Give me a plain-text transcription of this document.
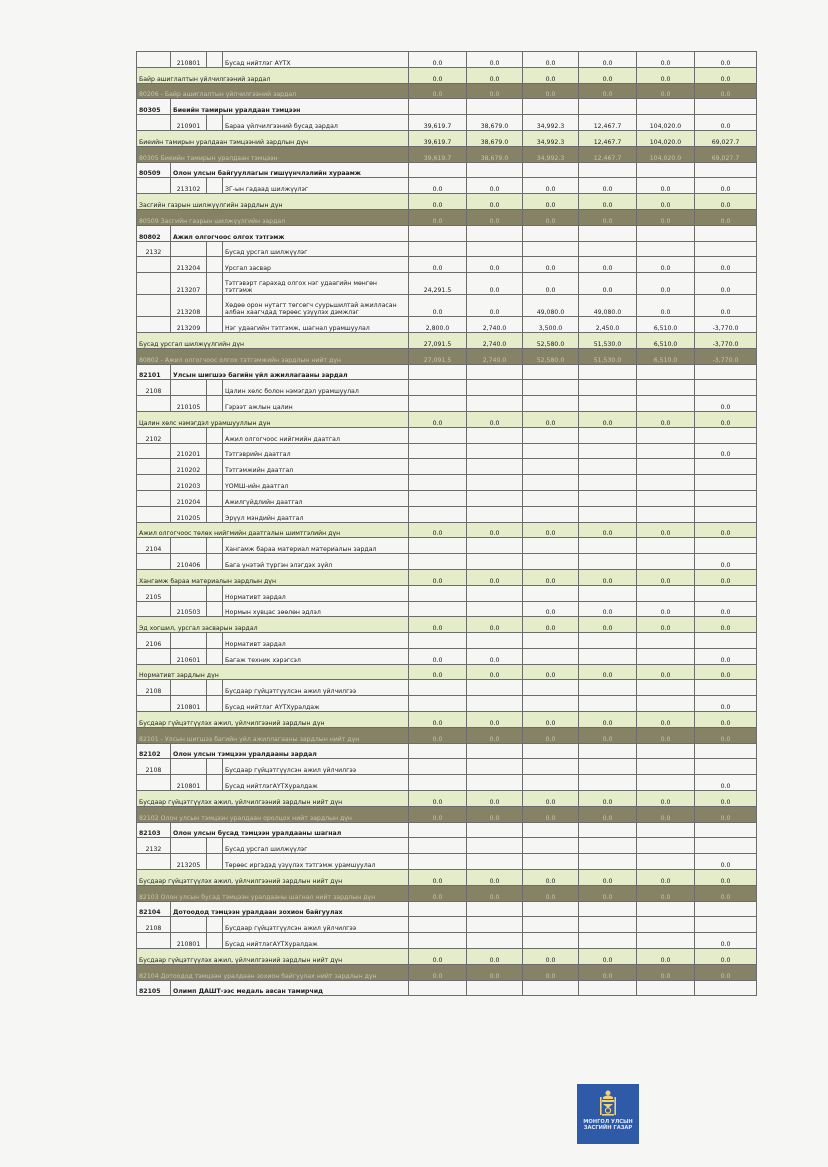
	210801		Бусад нийтлэг АҮТХ	0.0	0.0	0.0	0.0	0.0	0.0
Байр ашиглалтын үйлчилгээний зардал				0.0	0.0	0.0	0.0	0.0	0.0
80206 - Байр ашиглалтын үйлчилгээний зардал				0.0	0.0	0.0	0.0	0.0	0.0
80305	Биеийн тамирын уралдаан тэмцээн								
	210901		Бараа үйлчилгээний бусад зардал	39,619.7	38,679.0	34,992.3	12,467.7	104,020.0	0.0
Биеийн тамирын уралдаан тэмцээний зардлын дүн				39,619.7	38,679.0	34,992.3	12,467.7	104,020.0	69,027.7
80305 Биеийн тамирын уралдаан тэмцээн				39,619.7	38,679.0	34,992.3	12,467.7	104,020.0	69,027.7
80509	Олон улсын байгууллагын гишүүнчлэлийн хураамж								
	213102		ЗГ-ын гадаад шилжүүлэг	0.0	0.0	0.0	0.0	0.0	0.0
Засгийн газрын шилжүүлгийн зардлын дүн				0.0	0.0	0.0	0.0	0.0	0.0
80509 Засгийн газрын шилжүүлгийн зардал				0.0	0.0	0.0	0.0	0.0	0.0
80802	Ажил олгогчоос олгох тэтгэмж								
2132			Бусад урсгал шилжүүлэг						
	213204		Урсгал засвар	0.0	0.0	0.0	0.0	0.0	0.0
	213207		Тэтгэвэрт гарахад олгох нэг удаагийн мөнгөн тэтгэмж	24,291.5	0.0	0.0	0.0	0.0	0.0
	213208		Хөдөө орон нутагт төгсөгч суурьшилтай ажилласан албан хаагчдад төрөөс үзүүлэх дэмжлэг	0.0	0.0	49,080.0	49,080.0	0.0	0.0
	213209		Нэг удаагийн тэтгэмж, шагнал урамшуулал	2,800.0	2,740.0	3,500.0	2,450.0	6,510.0	-3,770.0
Бусад урсгал шилжүүлгийн дүн				27,091.5	2,740.0	52,580.0	51,530.0	6,510.0	-3,770.0
80802 - Ажил олгогчоос олгох тэтгэмжийн зардлын нийт дүн				27,091.5	2,740.0	52,580.0	51,530.0	6,510.0	-3,770.0
82101	Улсын шигшээ багийн үйл ажиллагааны зардал								
2108			Цалин хөлс болон нэмэгдэл урамшуулал						
	210105		Гэрээт ажлын цалин						0.0
Цалин хөлс нэмэгдэл урамшууллын дүн				0.0	0.0	0.0	0.0	0.0	0.0
2102			Ажил олгогчоос нийгмийн даатгал						
	210201		Тэтгэврийн даатгал						0.0
	210202		Тэтгэмжийн даатгал						
	210203		ҮОМШ-ийн даатгал						
	210204		Ажилгүйдлийн даатгал						
	210205		Эрүүл мэндийн даатгал						
Ажил олгогчоос төлөх нийгмийн даатгалын шимтгэлийн дүн				0.0	0.0	0.0	0.0	0.0	0.0
2104			Хангамж бараа материал материалын зардал						
	210406		Бага үнэтэй түргэн элэгдэх зүйл						0.0
Хангамж бараа материалын зардлын дүн				0.0	0.0	0.0	0.0	0.0	0.0
2105			Нормативт зардал						
	210503		Нормын хувцас зөөлөн эдлэл			0.0	0.0	0.0	0.0
Эд хогшил, урсгал засварын зардал				0.0	0.0	0.0	0.0	0.0	0.0
2106			Нормативт зардал						
	210601		Багаж техник хэрэгсэл	0.0	0.0				0.0
Нормативт зардлын дүн				0.0	0.0	0.0	0.0	0.0	0.0
2108			Бусдаар гүйцэтгүүлсэн ажил үйлчилгээ						
	210801		Бусад нийтлэг АҮТХуралдаж						0.0
Бусдаар гүйцэтгүүлэх ажил, үйлчилгээний зардлын дүн				0.0	0.0	0.0	0.0	0.0	0.0
82101 - Улсын шигшээ багийн үйл ажиллагааны зардлын нийт дүн				0.0	0.0	0.0	0.0	0.0	0.0
82102	Олон улсын тэмцээн уралдааны зардал								
2108			Бусдаар гүйцэтгүүлсэн ажил үйлчилгээ						
	210801		Бусад нийтлэгАҮТХуралдаж						0.0
Бусдаар гүйцэтгүүлэх ажил, үйлчилгээний зардлын нийт дүн				0.0	0.0	0.0	0.0	0.0	0.0
82102 Олон улсын тэмцээн уралдаан оролцох нийт зардлын дүн				0.0	0.0	0.0	0.0	0.0	0.0
82103	Олон улсын бусад тэмцээн уралдааны шагнал								
2132			Бусад урсгал шилжүүлэг						
	213205		Төрөөс иргэдэд үзүүлэх тэтгэмж урамшуулал						0.0
Бусдаар гүйцэтгүүлэх ажил, үйлчилгээний зардлын нийт дүн				0.0	0.0	0.0	0.0	0.0	0.0
82103 Олон улсын бусад тэмцээн уралдааны шагнал нийт зардлын дүн				0.0	0.0	0.0	0.0	0.0	0.0
82104	Дотоодод тэмцээн уралдаан зохион байгуулах								
2108			Бусдаар гүйцэтгүүлсэн ажил үйлчилгээ						
	210801		Бусад нийтлэгАҮТХуралдаж						0.0
Бусдаар гүйцэтгүүлэх ажил, үйлчилгээний зардлын нийт дүн				0.0	0.0	0.0	0.0	0.0	0.0
82104 Дотоодод тэмцээн уралдаан зохион байгуулах нийт зардлын дүн				0.0	0.0	0.0	0.0	0.0	0.0
82105	Олимп ДАШТ-ээс медаль авсан тамирчид								
МОНГОЛ УЛСЫН
ЗАСГИЙН ГАЗАР
